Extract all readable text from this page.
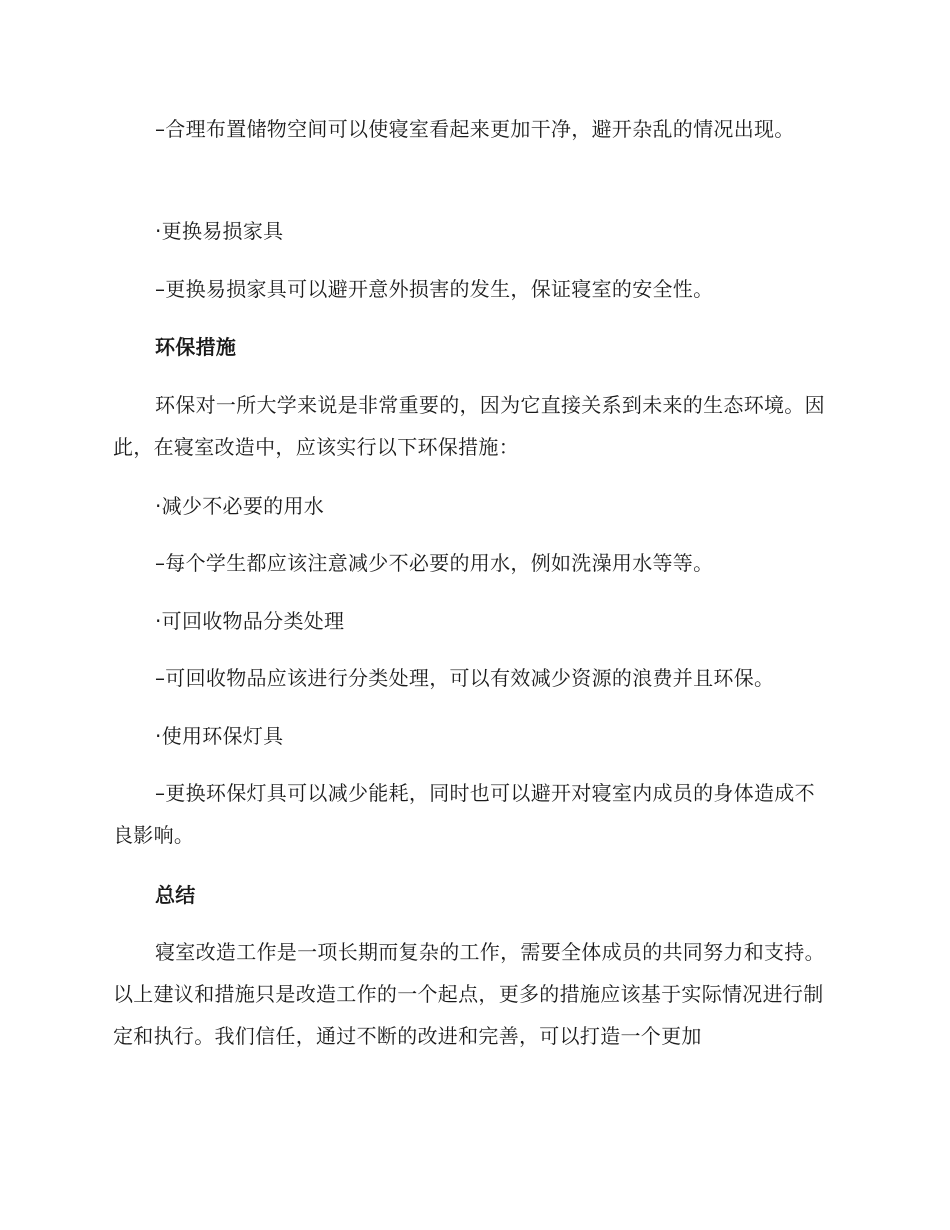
–合理布置储物空间可以使寝室看起来更加干净，避开杂乱的情况出现。

·更换易损家具

–更换易损家具可以避开意外损害的发生，保证寝室的安全性。

环保措施

环保对一所大学来说是非常重要的，因为它直接关系到未来的生态环境。因此，在寝室改造中，应该实行以下环保措施：

·减少不必要的用水

–每个学生都应该注意减少不必要的用水，例如洗澡用水等等。

·可回收物品分类处理

–可回收物品应该进行分类处理，可以有效减少资源的浪费并且环保。

·使用环保灯具

–更换环保灯具可以减少能耗，同时也可以避开对寝室内成员的身体造成不良影响。

总结

寝室改造工作是一项长期而复杂的工作，需要全体成员的共同努力和支持。以上建议和措施只是改造工作的一个起点，更多的措施应该基于实际情况进行制定和执行。我们信任，通过不断的改进和完善，可以打造一个更加
